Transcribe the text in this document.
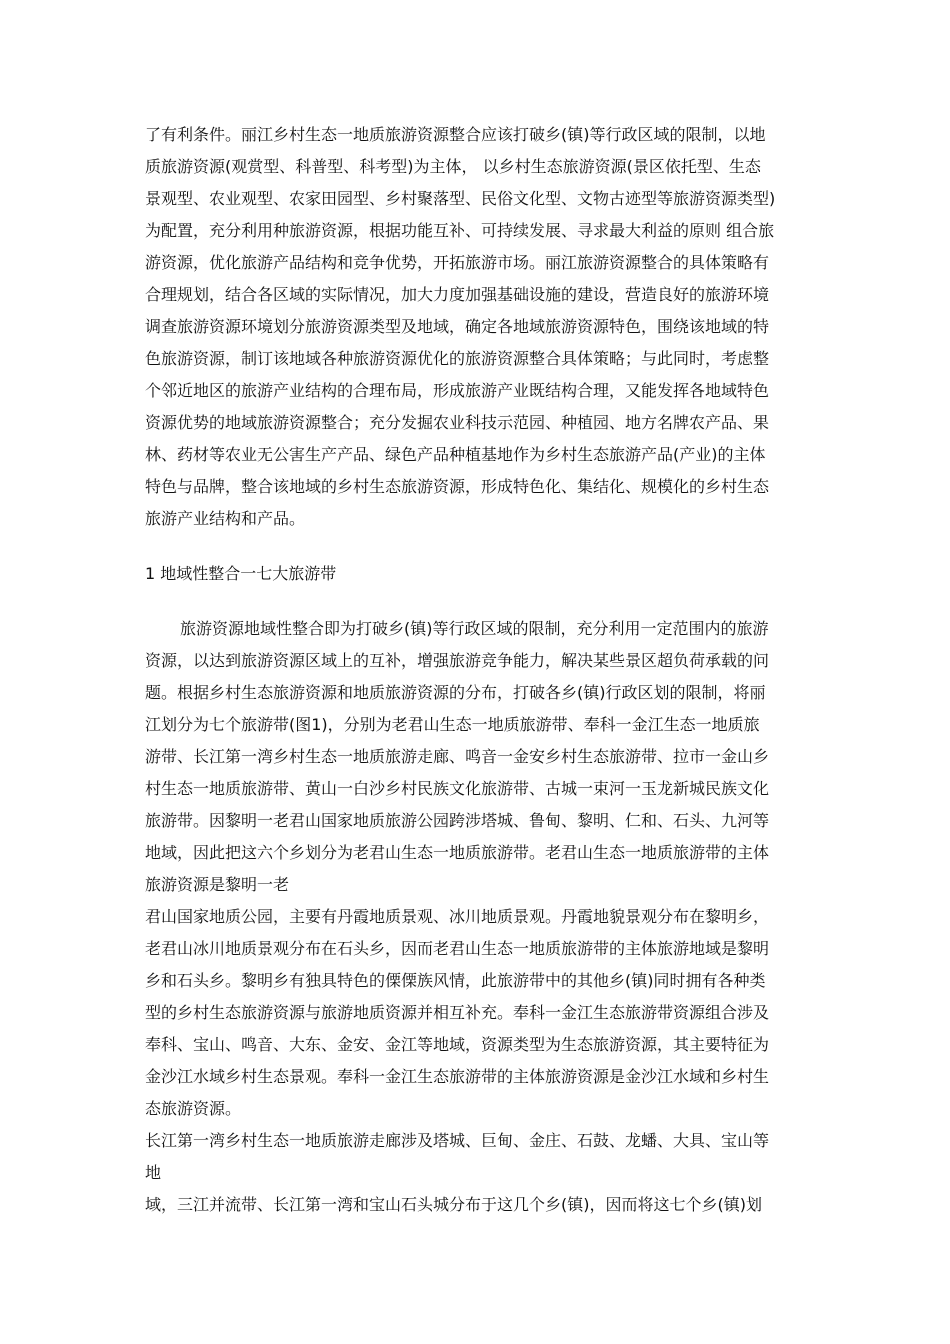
了有利条件。丽江乡村生态一地质旅游资源整合应该打破乡(镇)等行政区域的限制，以地
质旅游资源(观赏型、科普型、科考型)为主体， 以乡村生态旅游资源(景区依托型、生态
景观型、农业观型、农家田园型、乡村聚落型、民俗文化型、文物古迹型等旅游资源类型)
为配置，充分利用种旅游资源，根据功能互补、可持续发展、寻求最大利益的原则 组合旅
游资源，优化旅游产品结构和竞争优势，开拓旅游市场。丽江旅游资源整合的具体策略有
合理规划，结合各区域的实际情况，加大力度加强基础设施的建设，营造良好的旅游环境
调查旅游资源环境划分旅游资源类型及地域，确定各地域旅游资源特色，围绕该地域的特
色旅游资源，制订该地域各种旅游资源优化的旅游资源整合具体策略；与此同时，考虑整
个邻近地区的旅游产业结构的合理布局，形成旅游产业既结构合理，又能发挥各地域特色
资源优势的地域旅游资源整合；充分发掘农业科技示范园、种植园、地方名牌农产品、果
林、药材等农业无公害生产产品、绿色产品种植基地作为乡村生态旅游产品(产业)的主体
特色与品牌，整合该地域的乡村生态旅游资源，形成特色化、集结化、规模化的乡村生态
旅游产业结构和产品。
1 地域性整合一七大旅游带
旅游资源地域性整合即为打破乡(镇)等行政区域的限制，充分利用一定范围内的旅游
资源，以达到旅游资源区域上的互补，增强旅游竞争能力，解决某些景区超负荷承载的问
题。根据乡村生态旅游资源和地质旅游资源的分布，打破各乡(镇)行政区划的限制，将丽
江划分为七个旅游带(图1)，分别为老君山生态一地质旅游带、奉科一金江生态一地质旅
游带、长江第一湾乡村生态一地质旅游走廊、鸣音一金安乡村生态旅游带、拉市一金山乡
村生态一地质旅游带、黄山一白沙乡村民族文化旅游带、古城一束河一玉龙新城民族文化
旅游带。因黎明一老君山国家地质旅游公园跨涉塔城、鲁甸、黎明、仁和、石头、九河等
地域，因此把这六个乡划分为老君山生态一地质旅游带。老君山生态一地质旅游带的主体
旅游资源是黎明一老
君山国家地质公园，主要有丹霞地质景观、冰川地质景观。丹霞地貌景观分布在黎明乡，
老君山冰川地质景观分布在石头乡，因而老君山生态一地质旅游带的主体旅游地域是黎明
乡和石头乡。黎明乡有独具特色的傈傈族风情，此旅游带中的其他乡(镇)同时拥有各种类
型的乡村生态旅游资源与旅游地质资源并相互补充。奉科一金江生态旅游带资源组合涉及
奉科、宝山、鸣音、大东、金安、金江等地域，资源类型为生态旅游资源，其主要特征为
金沙江水域乡村生态景观。奉科一金江生态旅游带的主体旅游资源是金沙江水域和乡村生
态旅游资源。
长江第一湾乡村生态一地质旅游走廊涉及塔城、巨甸、金庄、石鼓、龙蟠、大具、宝山等
地
域，三江并流带、长江第一湾和宝山石头城分布于这几个乡(镇)，因而将这七个乡(镇)划
